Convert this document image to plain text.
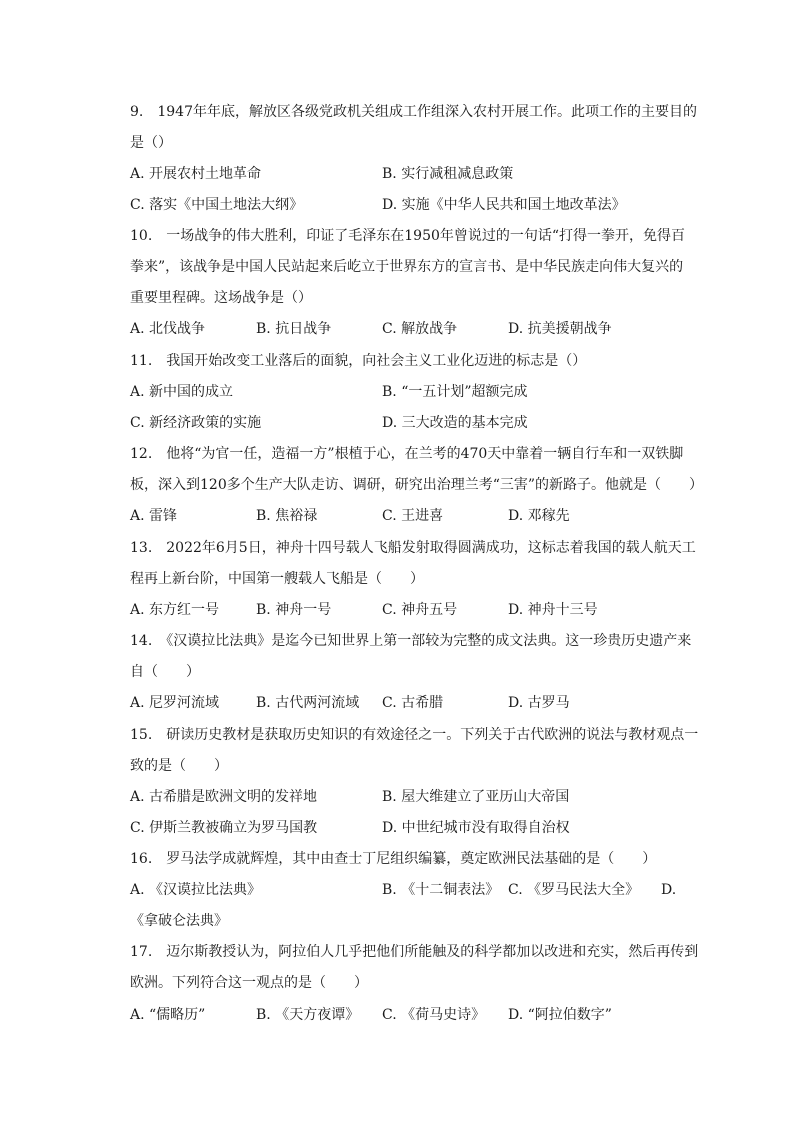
9.　1947年年底，解放区各级党政机关组成工作组深入农村开展工作。此项工作的主要目的
是（）
A. 开展农村土地革命	B. 实行减租减息政策
C. 落实《中国土地法大纲》	D. 实施《中华人民共和国土地改革法》
10.　一场战争的伟大胜利，印证了毛泽东在1950年曾说过的一句话“打得一拳开，免得百
拳来”，该战争是中国人民站起来后屹立于世界东方的宣言书、是中华民族走向伟大复兴的
重要里程碑。这场战争是（）
A. 北伐战争	B. 抗日战争	C. 解放战争	D. 抗美援朝战争
11.　我国开始改变工业落后的面貌，向社会主义工业化迈进的标志是（）
A. 新中国的成立	B. “一五计划”超额完成
C. 新经济政策的实施	D. 三大改造的基本完成
12.　他将“为官一任，造福一方”根植于心，在兰考的470天中靠着一辆自行车和一双铁脚
板，深入到120多个生产大队走访、调研，研究出治理兰考“三害”的新路子。他就是（　　）
A. 雷锋	B. 焦裕禄	C. 王进喜	D. 邓稼先
13.　2022年6月5日，神舟十四号载人飞船发射取得圆满成功，这标志着我国的载人航天工
程再上新台阶，中国第一艘载人飞船是（　　）
A. 东方红一号	B. 神舟一号	C. 神舟五号	D. 神舟十三号
14.　《汉谟拉比法典》是迄今已知世界上第一部较为完整的成文法典。这一珍贵历史遗产来
自（　　）
A. 尼罗河流域	B. 古代两河流域 C. 古希腊	D. 古罗马
15.　研读历史教材是获取历史知识的有效途径之一。下列关于古代欧洲的说法与教材观点一
致的是（　　）
A. 古希腊是欧洲文明的发祥地	B. 屋大维建立了亚历山大帝国
C. 伊斯兰教被确立为罗马国教	D. 中世纪城市没有取得自治权
16.　罗马法学成就辉煌，其中由查士丁尼组织编纂，奠定欧洲民法基础的是（　　）
A. 《汉谟拉比法典》	B. 《十二铜表法》 C. 《罗马民法大全》 D.
《拿破仑法典》
17.　迈尔斯教授认为，阿拉伯人几乎把他们所能触及的科学都加以改进和充实，然后再传到
欧洲。下列符合这一观点的是（　　）
A. “儒略历”	B. 《天方夜谭》 C. 《荷马史诗》 D. “阿拉伯数字”
